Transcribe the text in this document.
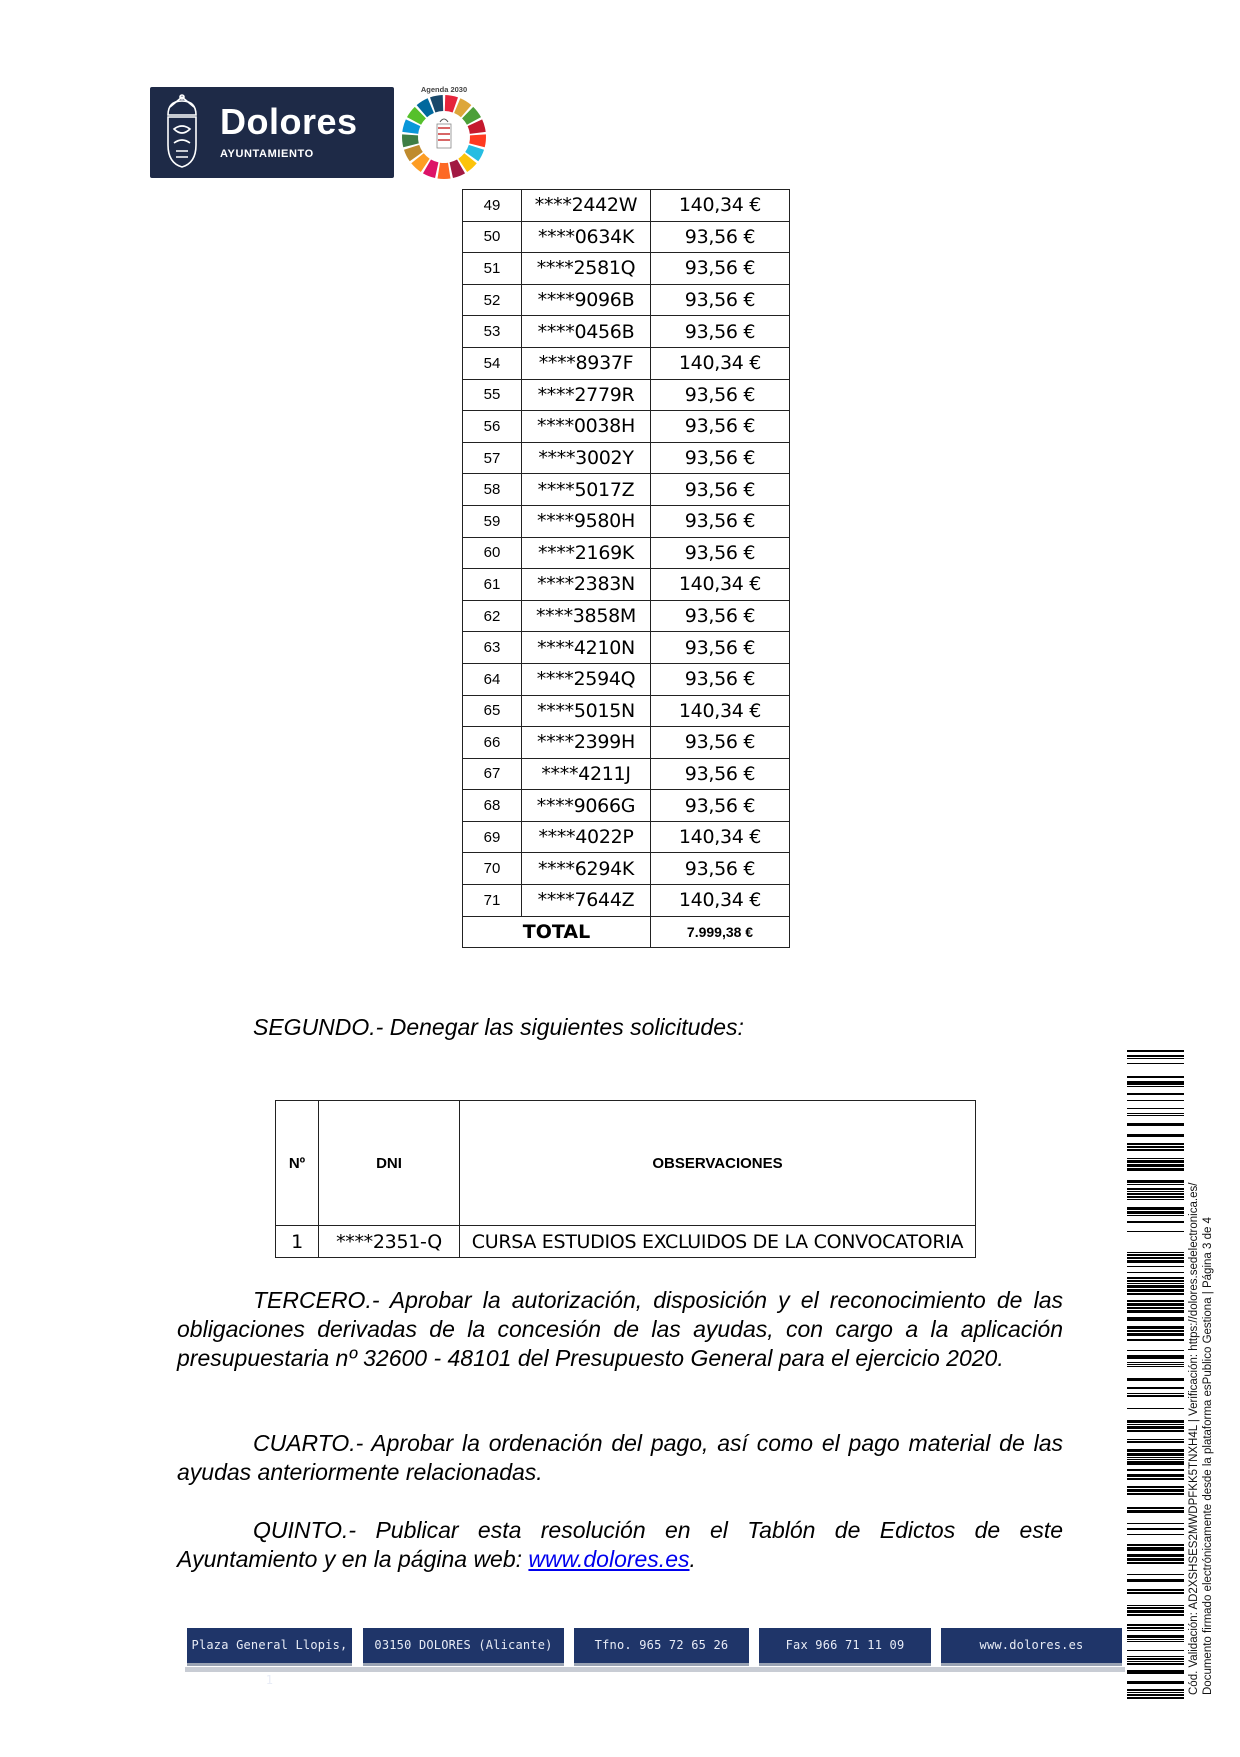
Dolores
AYUNTAMIENTO
Agenda 2030
49	****2442W	140,34 €
50	****0634K	93,56 €
51	****2581Q	93,56 €
52	****9096B	93,56 €
53	****0456B	93,56 €
54	****8937F	140,34 €
55	****2779R	93,56 €
56	****0038H	93,56 €
57	****3002Y	93,56 €
58	****5017Z	93,56 €
59	****9580H	93,56 €
60	****2169K	93,56 €
61	****2383N	140,34 €
62	****3858M	93,56 €
63	****4210N	93,56 €
64	****2594Q	93,56 €
65	****5015N	140,34 €
66	****2399H	93,56 €
67	****4211J	93,56 €
68	****9066G	93,56 €
69	****4022P	140,34 €
70	****6294K	93,56 €
71	****7644Z	140,34 €
TOTAL		7.999,38 €
SEGUNDO.- Denegar las siguientes solicitudes:
Nº	DNI	OBSERVACIONES
1	****2351-Q	CURSA ESTUDIOS EXCLUIDOS DE LA CONVOCATORIA
TERCERO.- Aprobar la autorización, disposición y el reconocimiento de las obligaciones derivadas de la concesión de las ayudas, con cargo a la aplicación presupuestaria nº 32600 - 48101 del Presupuesto General para el ejercicio 2020.
CUARTO.- Aprobar la ordenación del pago, así como el pago material de las ayudas anteriormente relacionadas.
QUINTO.- Publicar esta resolución en el Tablón de Edictos de este Ayuntamiento y en la página web: www.dolores.es.
Plaza General Llopis, 1
03150 DOLORES (Alicante)	Tfno. 965 72 65 26	Fax 966 71 11 09	www.dolores.es	Cód. Validación: AD2XSHSES2MWDPFKK5TNXH4L | Verificación: https://dolores.sedelectronica.es/ Documento firmado electrónicamente desde la plataforma esPublico Gestiona | Página 3 de 4
